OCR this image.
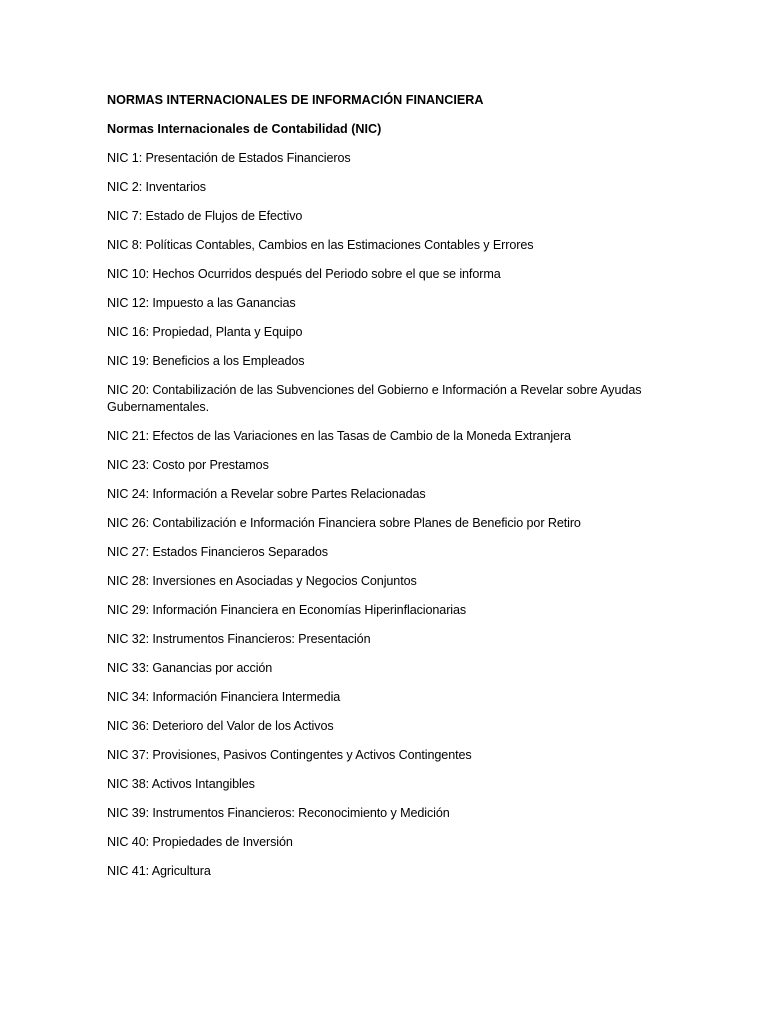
NORMAS INTERNACIONALES DE INFORMACIÓN FINANCIERA

Normas Internacionales de Contabilidad (NIC)

NIC 1: Presentación de Estados Financieros
NIC 2: Inventarios
NIC 7: Estado de Flujos de Efectivo
NIC 8: Políticas Contables, Cambios en las Estimaciones Contables y Errores
NIC 10: Hechos Ocurridos después del Periodo sobre el que se informa
NIC 12: Impuesto a las Ganancias
NIC 16: Propiedad, Planta y Equipo
NIC 19: Beneficios a los Empleados
NIC 20: Contabilización de las Subvenciones del Gobierno e Información a Revelar sobre Ayudas Gubernamentales.
NIC 21: Efectos de las Variaciones en las Tasas de Cambio de la Moneda Extranjera
NIC 23: Costo por Prestamos
NIC 24: Información a Revelar sobre Partes Relacionadas
NIC 26: Contabilización e Información Financiera sobre Planes de Beneficio por Retiro
NIC 27: Estados Financieros Separados
NIC 28: Inversiones en Asociadas y Negocios Conjuntos
NIC 29: Información Financiera en Economías Hiperinflacionarias
NIC 32: Instrumentos Financieros: Presentación
NIC 33: Ganancias por acción
NIC 34: Información Financiera Intermedia
NIC 36: Deterioro del Valor de los Activos
NIC 37: Provisiones, Pasivos Contingentes y Activos Contingentes
NIC 38: Activos Intangibles
NIC 39: Instrumentos Financieros: Reconocimiento y Medición
NIC 40: Propiedades de Inversión
NIC 41: Agricultura
